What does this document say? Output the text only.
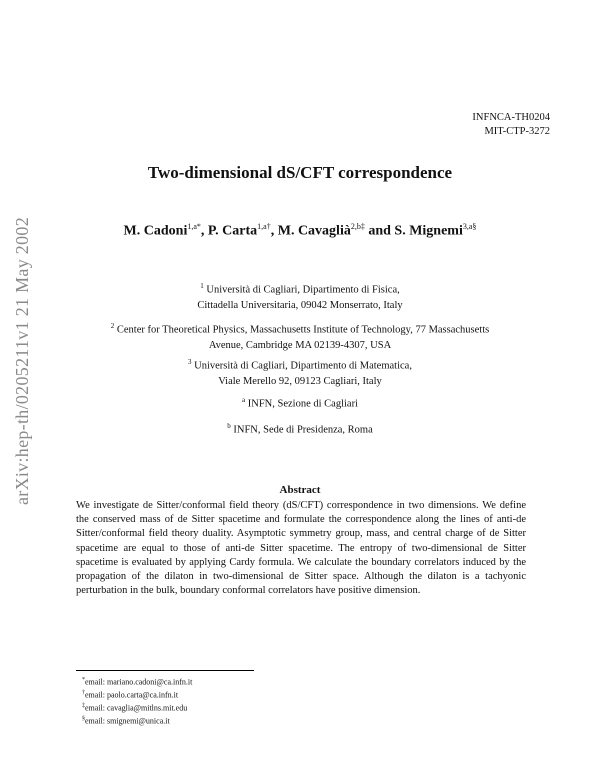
INFNCA-TH0204
MIT-CTP-3272
arXiv:hep-th/0205211v1 21 May 2002
Two-dimensional dS/CFT correspondence
M. Cadoni$^{1,a*}$, P. Carta$^{1,a\dagger}$, M. Cavaglià$^{2,b\ddagger}$ and S. Mignemi$^{3,a\S}$
$^1$ Università di Cagliari, Dipartimento di Fisica,
Cittadella Universitaria, 09042 Monserrato, Italy
$^2$ Center for Theoretical Physics, Massachusetts Institute of Technology, 77 Massachusetts
Avenue, Cambridge MA 02139-4307, USA
$^3$ Università di Cagliari, Dipartimento di Matematica,
Viale Merello 92, 09123 Cagliari, Italy
$^a$ INFN, Sezione di Cagliari
$^b$ INFN, Sede di Presidenza, Roma
Abstract
We investigate de Sitter/conformal field theory (dS/CFT) correspondence in two dimensions. We define the conserved mass of de Sitter spacetime and formulate the correspondence along the lines of anti-de Sitter/conformal field theory duality. Asymptotic symmetry group, mass, and central charge of de Sitter spacetime are equal to those of anti-de Sitter spacetime. The entropy of two-dimensional de Sitter spacetime is evaluated by applying Cardy formula. We calculate the boundary correlators induced by the propagation of the dilaton in two-dimensional de Sitter space. Although the dilaton is a tachyonic perturbation in the bulk, boundary conformal correlators have positive dimension.
*email: mariano.cadoni@ca.infn.it
†email: paolo.carta@ca.infn.it
‡email: cavaglia@mitlns.mit.edu
§email: smignemi@unica.it
